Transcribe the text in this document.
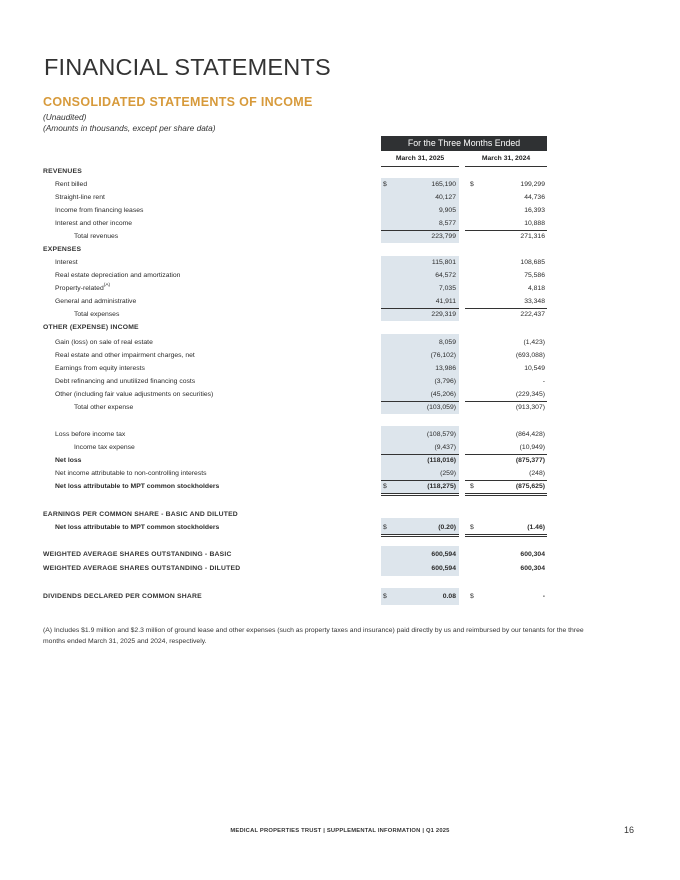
FINANCIAL STATEMENTS
CONSOLIDATED STATEMENTS OF INCOME
(Unaudited)
(Amounts in thousands, except per share data)
For the Three Months Ended
March 31, 2025	March 31, 2024
REVENUES
Rent billed	$	165,190 $	199,299
Straight-line rent	40,127	44,736
Income from financing leases	9,905	16,393
Interest and other income	8,577	10,888
Total revenues	223,799	271,316
EXPENSES
Interest	115,801	108,685
Real estate depreciation and amortization	64,572	75,586
Property-related$^{(A)}$	7,035	4,818
General and administrative	41,911	33,348
Total expenses	229,319	222,437
OTHER (EXPENSE) INCOME
Gain (loss) on sale of real estate	8,059	(1,423)
Real estate and other impairment charges, net	(76,102)	(693,088)
Earnings from equity interests	13,986	10,549
Debt refinancing and unutilized financing costs	(3,796)	-
Other (including fair value adjustments on securities)	(45,206)	(229,345)
Total other expense	(103,059)	(913,307)
Loss before income tax	(108,579)	(864,428)
Income tax expense	(9,437)	(10,949)
Net loss	(118,016)	(875,377)
Net income attributable to non-controlling interests	(259)	(248)
Net loss attributable to MPT common stockholders	$	(118,275) $	(875,625)
EARNINGS PER COMMON SHARE - BASIC AND DILUTED
Net loss attributable to MPT common stockholders	$	(0.20) $	(1.46)
WEIGHTED AVERAGE SHARES OUTSTANDING - BASIC	600,594	600,304
WEIGHTED AVERAGE SHARES OUTSTANDING - DILUTED	600,594	600,304
DIVIDENDS DECLARED PER COMMON SHARE	$	0.08 $	-
(A) Includes $1.9 million and $2.3 million of ground lease and other expenses (such as property taxes and insurance) paid directly by us and reimbursed by our tenants for the three months ended March 31, 2025 and 2024, respectively.
MEDICAL PROPERTIES TRUST | SUPPLEMENTAL INFORMATION | Q1 2025	16
